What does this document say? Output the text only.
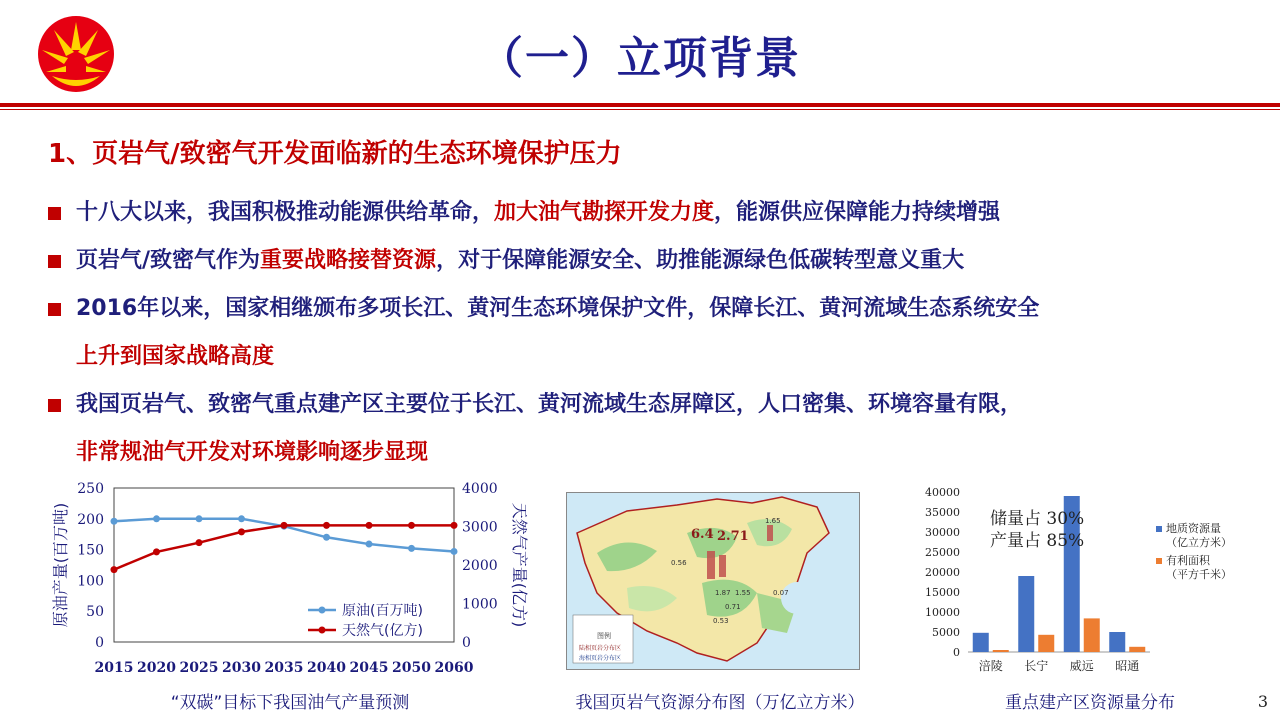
（一）立项背景
1、页岩气/致密气开发面临新的生态环境保护压力
十八大以来，我国积极推动能源供给革命，加大油气勘探开发力度，能源供应保障能力持续增强
页岩气/致密气作为重要战略接替资源，对于保障能源安全、助推能源绿色低碳转型意义重大
2016年以来，国家相继颁布多项长江、黄河生态环境保护文件，保障长江、黄河流域生态系统安全
上升到国家战略高度
我国页岩气、致密气重点建产区主要位于长江、黄河流域生态屏障区，人口密集、环境容量有限，
非常规油气开发对环境影响逐步显现
0
50
100
150
200
250
0
1000
2000
3000
4000
2015 2020 2025 2030 2035 2040 2045 2050 2060
原油产量(百万吨)	天然气产量(亿方)
原油(百万吨)
天然气(亿方)
“双碳”目标下我国油气产量预测
6.4 2.71
1.65
0.56
1.87 1.55	0.07
0.71
0.53
图例
陆相页岩分布区
海相页岩分布区
我国页岩气资源分布图（万亿立方米）
0
5000
10000
15000
20000
25000
30000
35000
40000
涪陵 长宁 威远 昭通
储量占 30%
产量占 85%
地质资源量
（亿立方米）
有利面积
（平方千米）
重点建产区资源量分布	3
